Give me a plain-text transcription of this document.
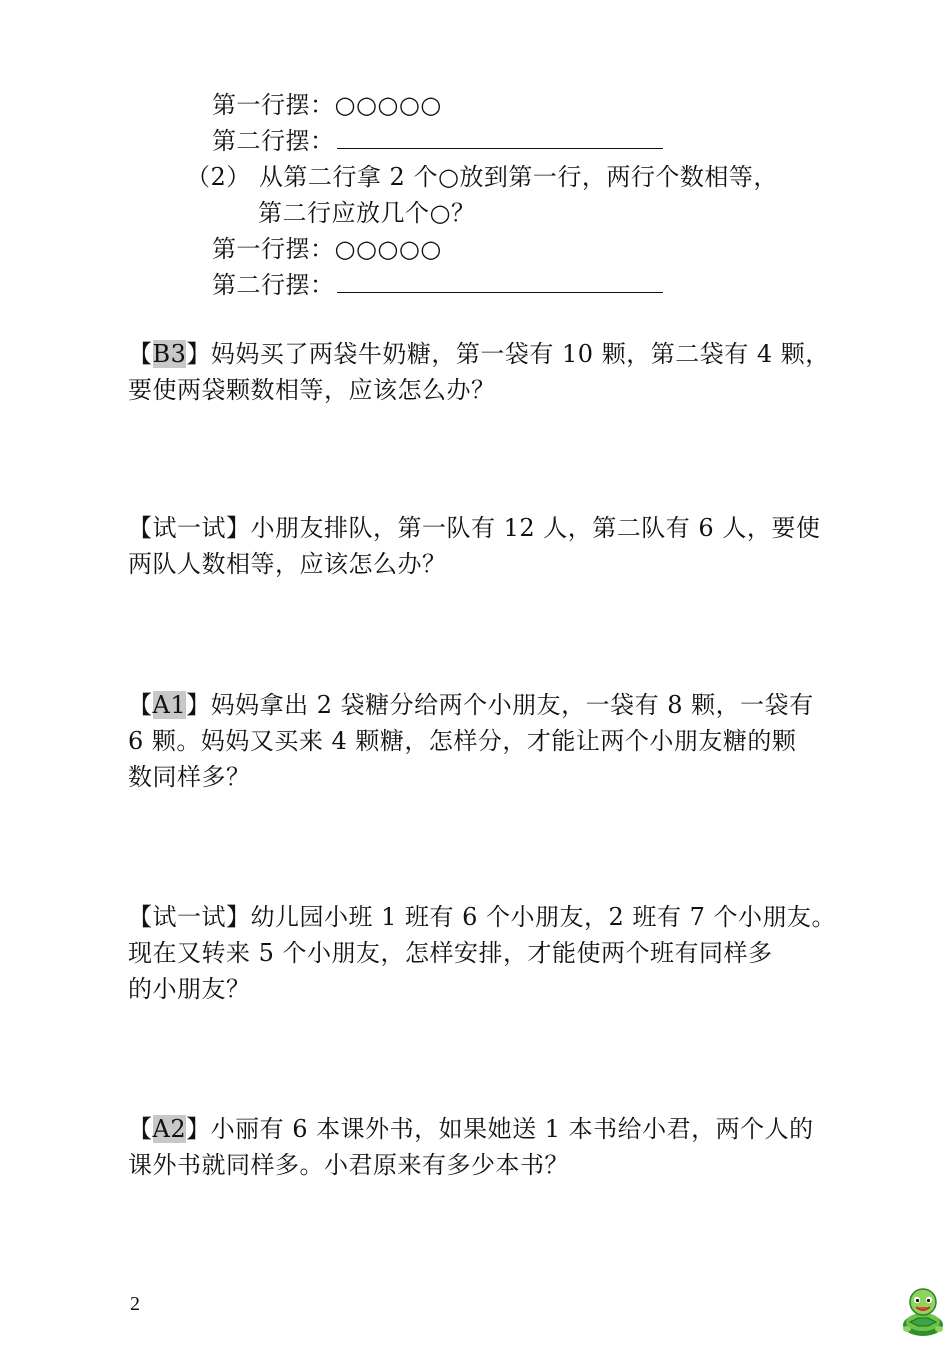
第一行摆：○○○○○
第二行摆：
（2） 从第二行拿 2 个○放到第一行，两行个数相等，
第二行应放几个○？
第一行摆：○○○○○
第二行摆：
【B3】妈妈买了两袋牛奶糖，第一袋有 10 颗，第二袋有 4 颗，
要使两袋颗数相等，应该怎么办？
【试一试】小朋友排队，第一队有 12 人，第二队有 6 人，要使
两队人数相等，应该怎么办？
【A1】妈妈拿出 2 袋糖分给两个小朋友，一袋有 8 颗，一袋有
6 颗。妈妈又买来 4 颗糖，怎样分，才能让两个小朋友糖的颗
数同样多？
【试一试】幼儿园小班 1 班有 6 个小朋友，2 班有 7 个小朋友。
现在又转来 5 个小朋友，怎样安排，才能使两个班有同样多
的小朋友？
【A2】小丽有 6 本课外书，如果她送 1 本书给小君，两个人的
课外书就同样多。小君原来有多少本书？
2
